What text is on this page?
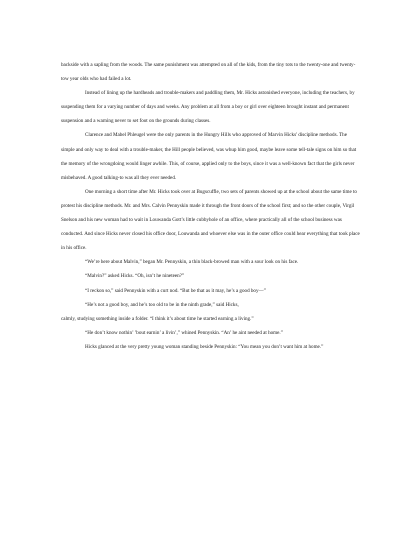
backside with a sapling from the woods. The same punishment was attempted on all of the kids, from the tiny tots to the twenty-one and twenty-tow year olds who had failed a lot.

Instead of lining up the hardheads and trouble-makers and paddling them, Mr. Hicks astonished everyone, including the teachers, by suspending them for a varying number of days and weeks. Any problem at all from a boy or girl over eighteen brought instant and permanent suspension and a warning never to set foot on the grounds during classes.

Clarence and Mabel Phleugel were the only parents in the Hungry Hills who approved of Marvin Hicks' discipline methods. The simple and only way to deal with a trouble-maker, the Hill people believed, was whup him good, maybe leave some tell-tale signs on him so that the memory of the wrongdoing would linger awhile. This, of course, applied only to the boys, since it was a well-known fact that the girls never misbehaved. A good talking-to was all they ever needed.

One morning a short time after Mr. Hicks took over at Bugscuffle, two sets of parents showed up at the school about the same time to protest his discipline methods. Mr. and Mrs. Calvin Pennyskin made it through the front doors of the school first; and so the other couple, Virgil Snelson and his new woman had to wait in Louwanda Gott’s little cubbyhole of an office, where practically all of the school business was conducted. And since Hicks never closed his office door, Louwanda and whoever else was in the outer office could hear everything that took place in his office.

“We’re here about Malvin,” began Mr. Pennyskin, a thin black-browed man with a sour look on his face.

“Malvin?” asked Hicks. “Oh, isn’t he nineteen?”

“I reckon so,” said Pennyskin with a curt nod. “But be that as it may, he’s a good boy—”

“He’s not a good boy, and he’s too old to be in the ninth grade,” said Hicks,

calmly, studying something inside a folder. “I think it’s about time he started earning a living.”

“He don’t know nothin’ ’bout earnin’ a livin’,” whined Pennyskin. “An’ he aint needed at home.”

Hicks glanced at the very pretty young woman standing beside Pennyskin: “You mean you don’t want him at home.”
